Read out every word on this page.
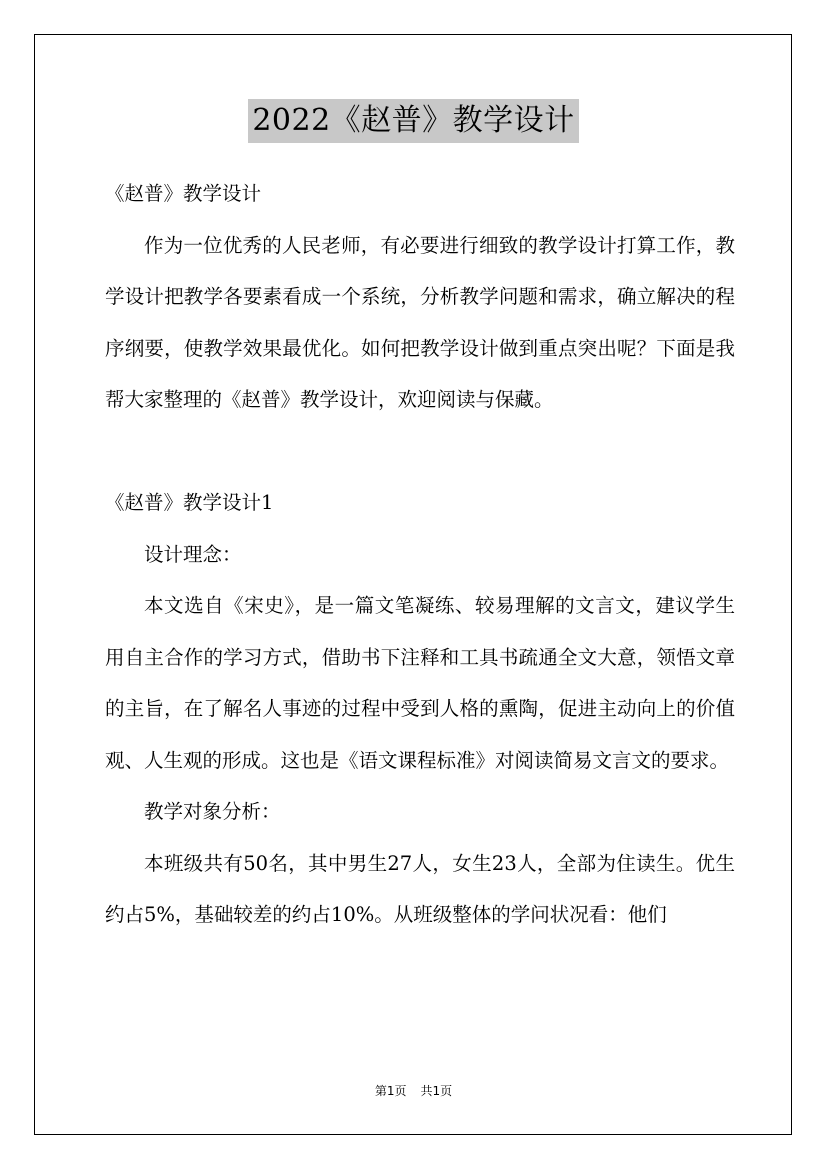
2022《赵普》教学设计

《赵普》教学设计

作为一位优秀的人民老师，有必要进行细致的教学设计打算工作，教学设计把教学各要素看成一个系统，分析教学问题和需求，确立解决的程序纲要，使教学效果最优化。如何把教学设计做到重点突出呢？下面是我帮大家整理的《赵普》教学设计，欢迎阅读与保藏。

《赵普》教学设计1

设计理念：

本文选自《宋史》，是一篇文笔凝练、较易理解的文言文，建议学生用自主合作的学习方式，借助书下注释和工具书疏通全文大意，领悟文章的主旨，在了解名人事迹的过程中受到人格的熏陶，促进主动向上的价值观、人生观的形成。这也是《语文课程标准》对阅读简易文言文的要求。

教学对象分析：

本班级共有50名，其中男生27人，女生23人，全部为住读生。优生约占5%，基础较差的约占10%。从班级整体的学问状况看：他们

第1页 共1页
